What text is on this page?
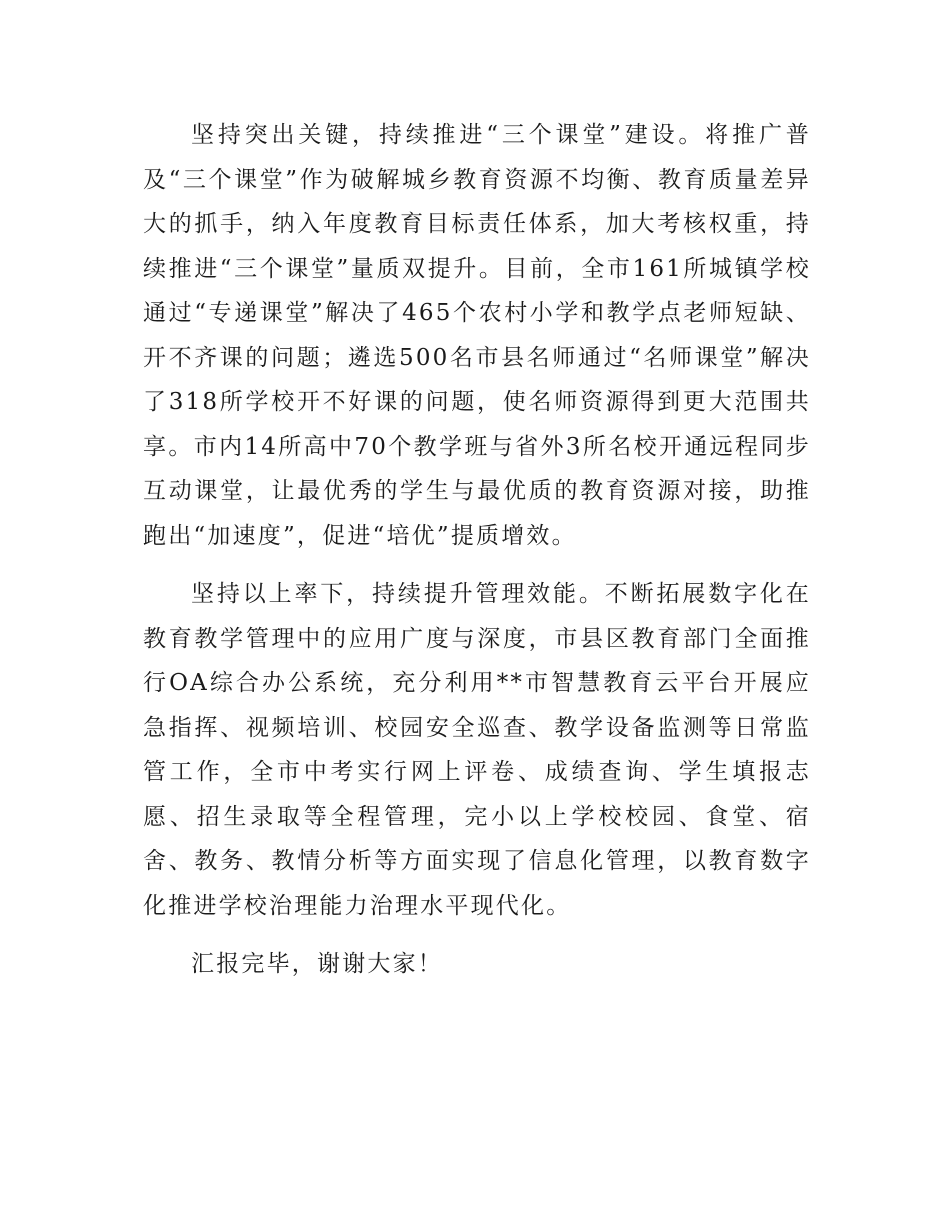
坚持突出关键，持续推进“三个课堂”建设。将推广普及“三个课堂”作为破解城乡教育资源不均衡、教育质量差异大的抓手，纳入年度教育目标责任体系，加大考核权重，持续推进“三个课堂”量质双提升。目前，全市161所城镇学校通过“专递课堂”解决了465个农村小学和教学点老师短缺、开不齐课的问题；遴选500名市县名师通过“名师课堂”解决了318所学校开不好课的问题，使名师资源得到更大范围共享。市内14所高中70个教学班与省外3所名校开通远程同步互动课堂，让最优秀的学生与最优质的教育资源对接，助推跑出“加速度”，促进“培优”提质增效。

坚持以上率下，持续提升管理效能。不断拓展数字化在教育教学管理中的应用广度与深度，市县区教育部门全面推行OA综合办公系统，充分利用**市智慧教育云平台开展应急指挥、视频培训、校园安全巡查、教学设备监测等日常监管工作，全市中考实行网上评卷、成绩查询、学生填报志愿、招生录取等全程管理，完小以上学校校园、食堂、宿舍、教务、教情分析等方面实现了信息化管理，以教育数字化推进学校治理能力治理水平现代化。

汇报完毕，谢谢大家！
